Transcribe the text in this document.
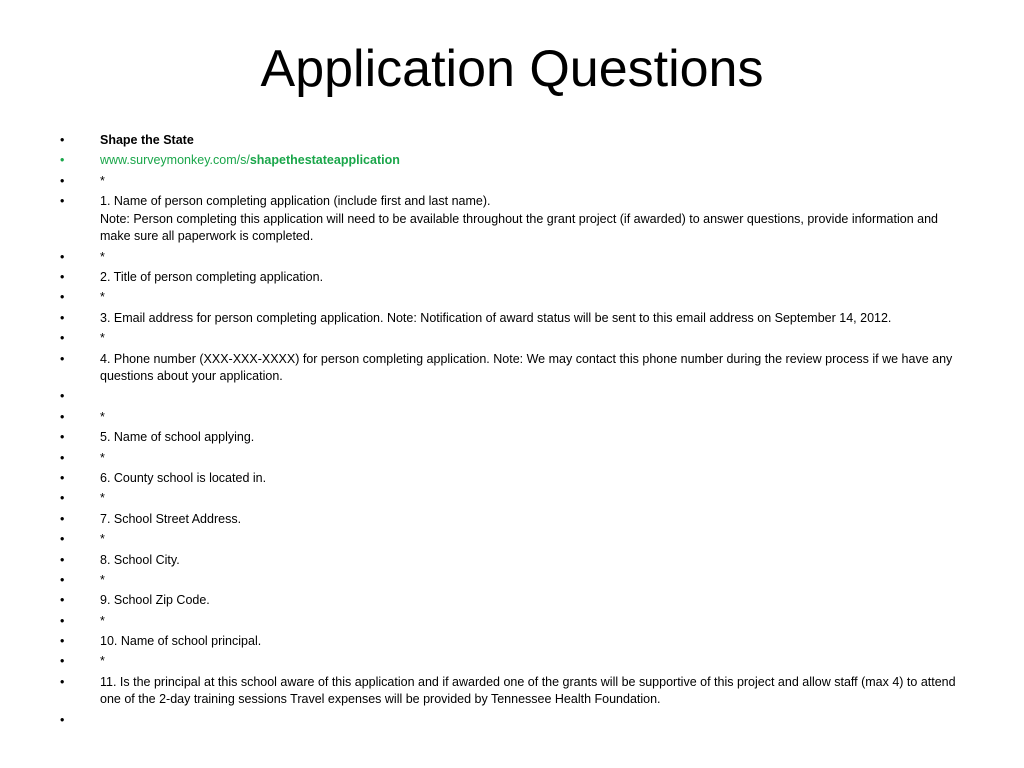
Application Questions
•	Shape the State
•	www.surveymonkey.com/s/shapethestateapplication
•	*
•	1. Name of person completing application (include first and last name).
Note: Person completing this application will need to be available throughout the grant project (if awarded) to answer questions, provide information and make sure all paperwork is completed.
•	*
•	2. Title of person completing application.
•	*
•	3. Email address for person completing application. Note: Notification of award status will be sent to this email address on September 14, 2012.
•	*
•	4. Phone number (XXX-XXX-XXXX) for person completing application. Note: We may contact this phone number during the review process if we have any questions about your application.
•
•	*
•	5. Name of school applying.
•	*
•	6. County school is located in.
•	*
•	7. School Street Address.
•	*
•	8. School City.
•	*
•	9. School Zip Code.
•	*
•	10. Name of school principal.
•	*
•	11. Is the principal at this school aware of this application and if awarded one of the grants will be supportive of this project and allow staff (max 4) to attend one of the 2-day training sessions Travel expenses will be provided by Tennessee Health Foundation.
•
